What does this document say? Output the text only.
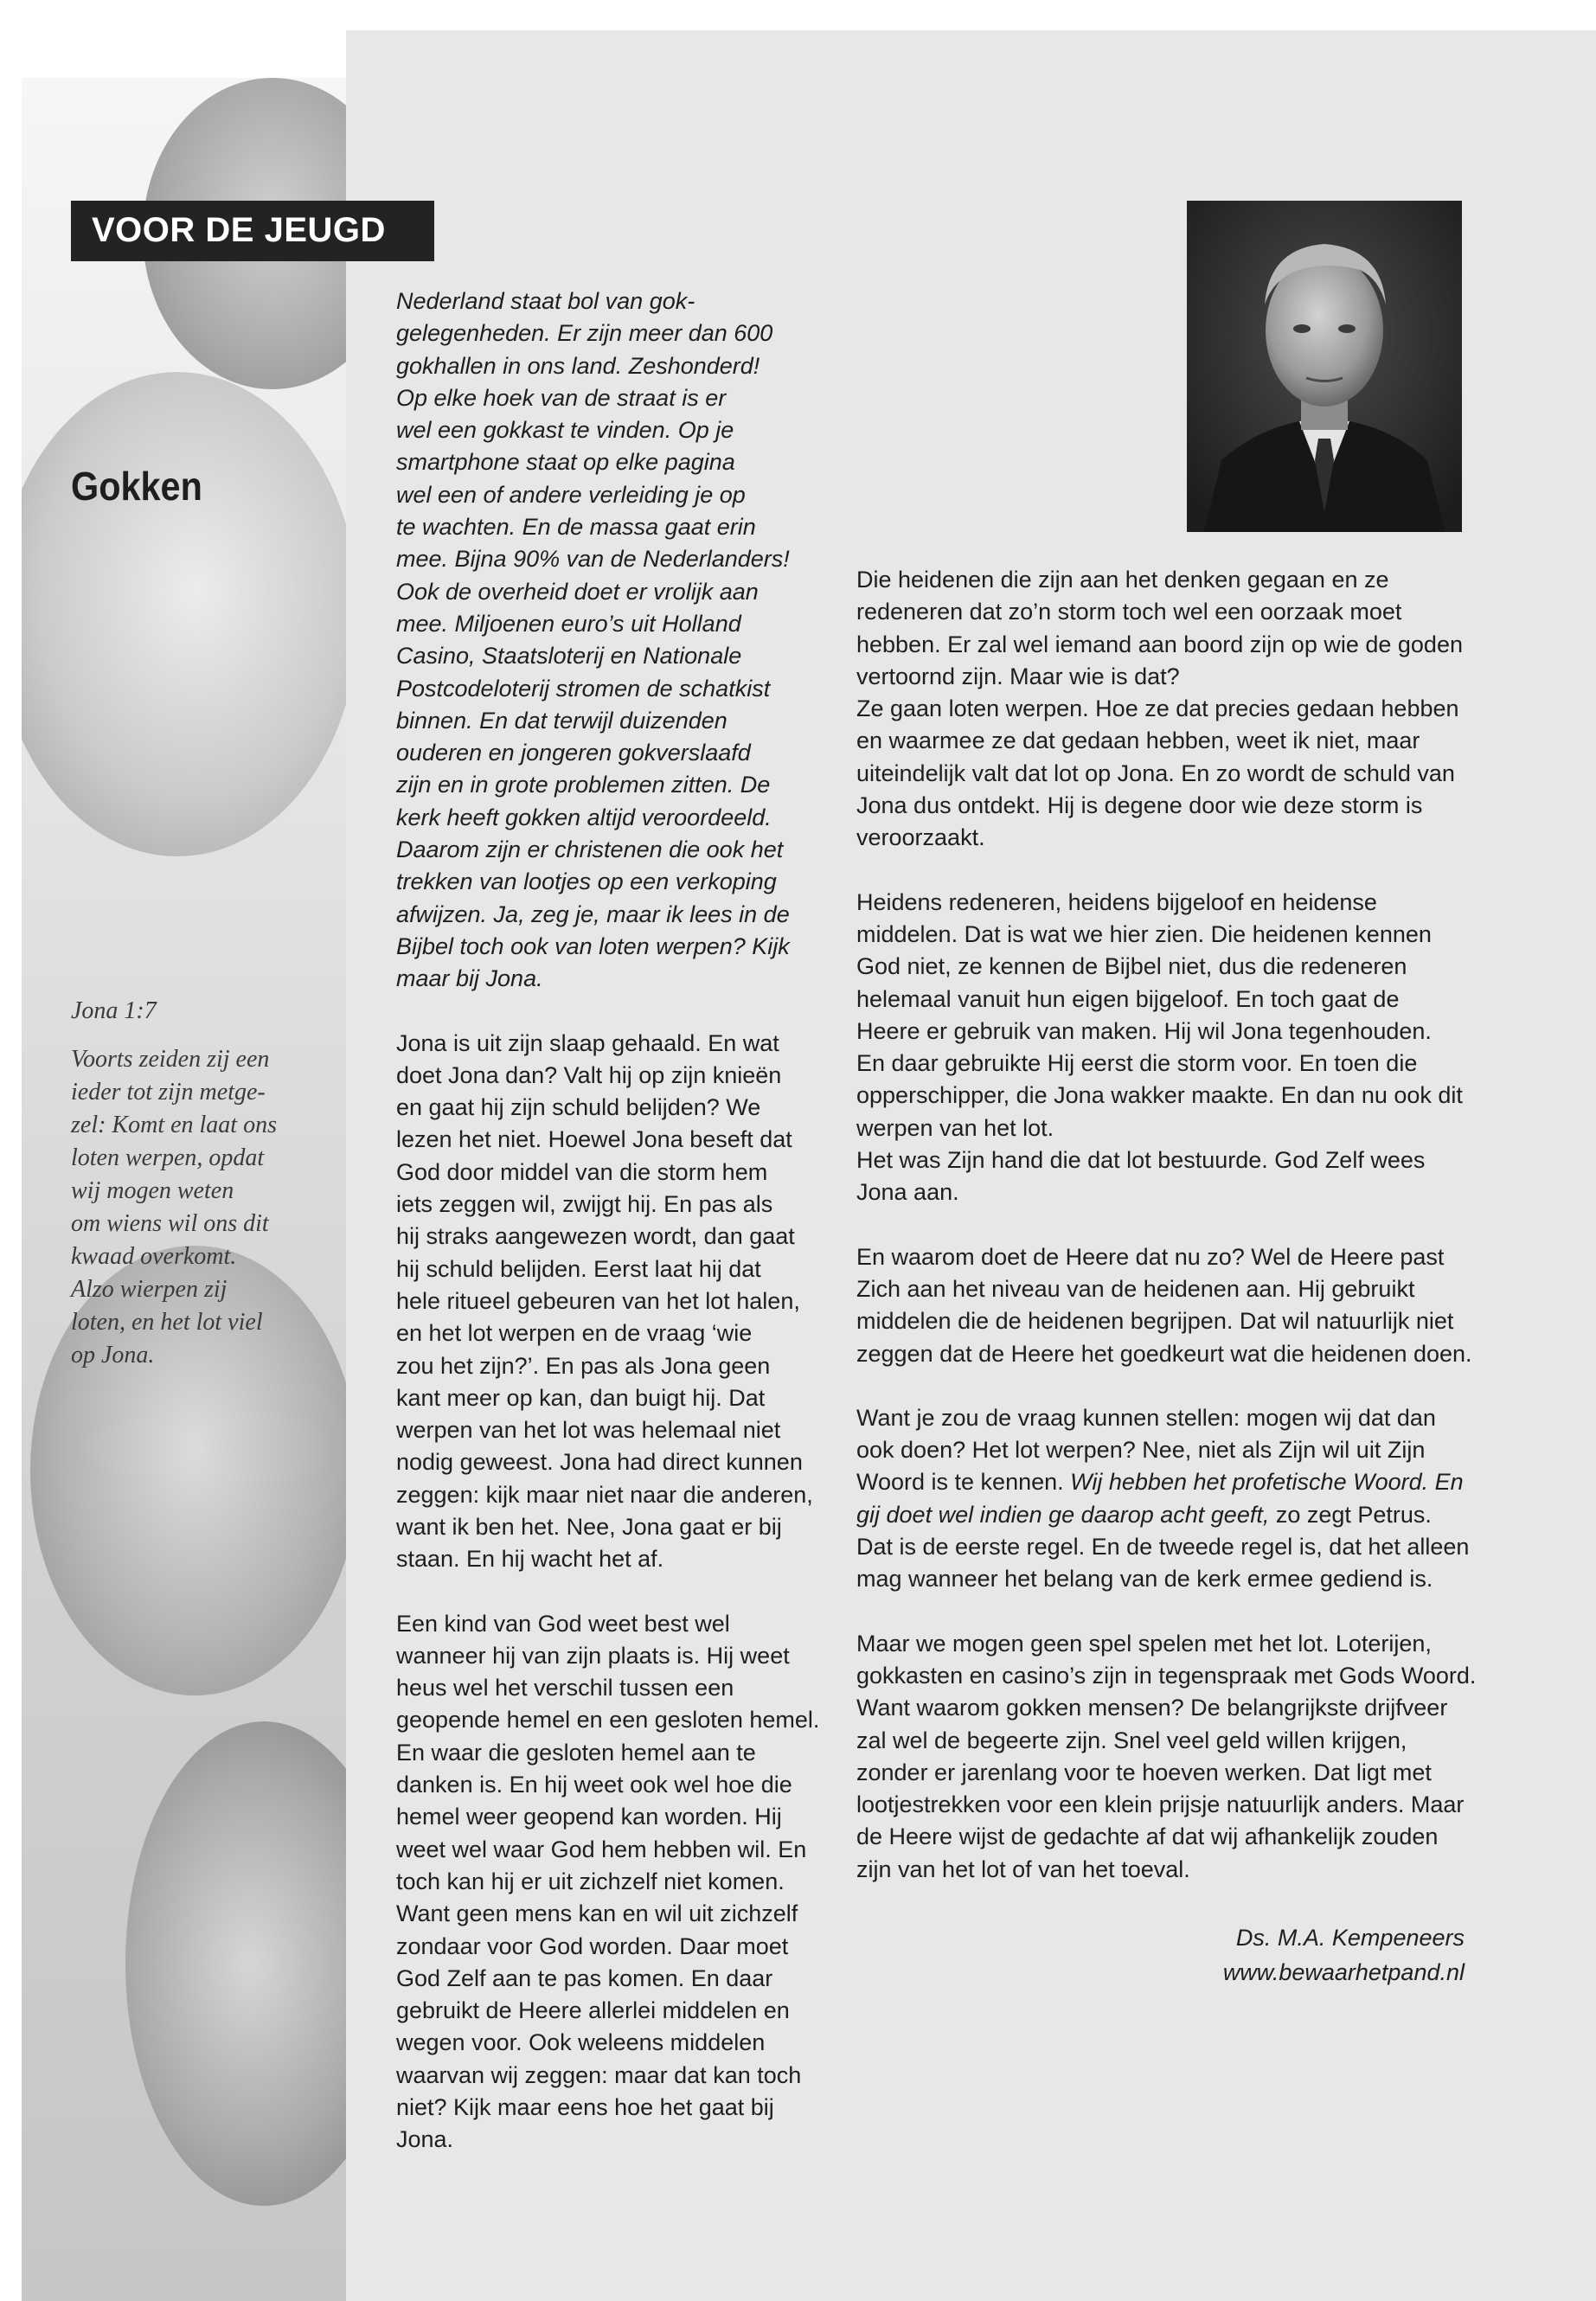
VOOR DE JEUGD
Gokken

Jona 1:7

Voorts zeiden zij een

ieder tot zijn metge-

zel: Komt en laat ons

loten werpen, opdat

wij mogen weten

om wiens wil ons dit

kwaad overkomt.

Alzo wierpen zij

loten, en het lot viel

op Jona.

Nederland staat bol van gok-
gelegenheden. Er zijn meer dan 600
gokhallen in ons land. Zeshonderd!
Op elke hoek van de straat is er
wel een gokkast te vinden. Op je
smartphone staat op elke pagina
wel een of andere verleiding je op
te wachten. En de massa gaat erin
mee. Bijna 90% van de Nederlanders!
Ook de overheid doet er vrolijk aan
mee. Miljoenen euro’s uit Holland
Casino, Staatsloterij en Nationale
Postcodeloterij stromen de schatkist
binnen. En dat terwijl duizenden
ouderen en jongeren gokverslaafd
zijn en in grote problemen zitten. De
kerk heeft gokken altijd veroordeeld.
Daarom zijn er christenen die ook het
trekken van lootjes op een verkoping
afwijzen. Ja, zeg je, maar ik lees in de
Bijbel toch ook van loten werpen? Kijk
maar bij Jona.
Jona is uit zijn slaap gehaald. En wat
doet Jona dan? Valt hij op zijn knieën
en gaat hij zijn schuld belijden? We
lezen het niet. Hoewel Jona beseft dat
God door middel van die storm hem
iets zeggen wil, zwijgt hij. En pas als
hij straks aangewezen wordt, dan gaat
hij schuld belijden. Eerst laat hij dat
hele ritueel gebeuren van het lot halen,
en het lot werpen en de vraag ‘wie
zou het zijn?’. En pas als Jona geen
kant meer op kan, dan buigt hij. Dat
werpen van het lot was helemaal niet
nodig geweest. Jona had direct kunnen
zeggen: kijk maar niet naar die anderen,
want ik ben het. Nee, Jona gaat er bij
staan. En hij wacht het af.
Een kind van God weet best wel
wanneer hij van zijn plaats is. Hij weet
heus wel het verschil tussen een
geopende hemel en een gesloten hemel.
En waar die gesloten hemel aan te
danken is. En hij weet ook wel hoe die
hemel weer geopend kan worden. Hij
weet wel waar God hem hebben wil. En
toch kan hij er uit zichzelf niet komen.
Want geen mens kan en wil uit zichzelf
zondaar voor God worden. Daar moet
God Zelf aan te pas komen. En daar
gebruikt de Heere allerlei middelen en
wegen voor. Ook weleens middelen
waarvan wij zeggen: maar dat kan toch
niet? Kijk maar eens hoe het gaat bij
Jona.
Die heidenen die zijn aan het denken gegaan en ze
redeneren dat zo’n storm toch wel een oorzaak moet
hebben. Er zal wel iemand aan boord zijn op wie de goden
vertoornd zijn. Maar wie is dat?
Ze gaan loten werpen. Hoe ze dat precies gedaan hebben
en waarmee ze dat gedaan hebben, weet ik niet, maar
uiteindelijk valt dat lot op Jona. En zo wordt de schuld van
Jona dus ontdekt. Hij is degene door wie deze storm is
veroorzaakt.
Heidens redeneren, heidens bijgeloof en heidense
middelen. Dat is wat we hier zien. Die heidenen kennen
God niet, ze kennen de Bijbel niet, dus die redeneren
helemaal vanuit hun eigen bijgeloof. En toch gaat de
Heere er gebruik van maken. Hij wil Jona tegenhouden.
En daar gebruikte Hij eerst die storm voor. En toen die
opperschipper, die Jona wakker maakte. En dan nu ook dit
werpen van het lot.
Het was Zijn hand die dat lot bestuurde. God Zelf wees
Jona aan.
En waarom doet de Heere dat nu zo? Wel de Heere past
Zich aan het niveau van de heidenen aan. Hij gebruikt
middelen die de heidenen begrijpen. Dat wil natuurlijk niet
zeggen dat de Heere het goedkeurt wat die heidenen doen.
Want je zou de vraag kunnen stellen: mogen wij dat dan
ook doen? Het lot werpen? Nee, niet als Zijn wil uit Zijn
Woord is te kennen. Wij hebben het profetische Woord. En
gij doet wel indien ge daarop acht geeft, zo zegt Petrus.
Dat is de eerste regel. En de tweede regel is, dat het alleen
mag wanneer het belang van de kerk ermee gediend is.
Maar we mogen geen spel spelen met het lot. Loterijen,
gokkasten en casino’s zijn in tegenspraak met Gods Woord.
Want waarom gokken mensen? De belangrijkste drijfveer
zal wel de begeerte zijn. Snel veel geld willen krijgen,
zonder er jarenlang voor te hoeven werken. Dat ligt met
lootjestrekken voor een klein prijsje natuurlijk anders. Maar
de Heere wijst de gedachte af dat wij afhankelijk zouden
zijn van het lot of van het toeval.
Ds. M.A. Kempeneers
www.bewaarhetpand.nl
